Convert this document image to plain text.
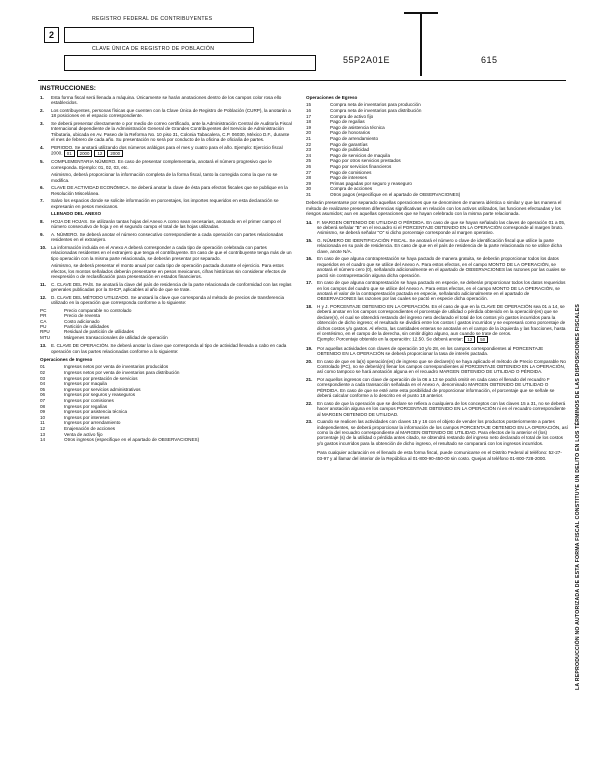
REGISTRO FEDERAL DE CONTRIBUYENTES
2
CLAVE ÚNICA DE REGISTRO DE POBLACIÓN
55P2A01E	615
INSTRUCCIONES:
1.	Esta forma fiscal será llenada a máquina. Únicamente se harán anotaciones dentro de los campos color rosa ello establecidos.
2.	Los contribuyentes, personas físicas que cuenten con la Clave Única de Registro de Población (CURP), la anotarán a 18 posiciones en el espacio correspondiente.
3.	Se deberá presentar directamente o por medio de correo certificado, ante la Administración Central de Auditoría Fiscal Internacional dependiente de la Administración General de Grandes Contribuyentes del Servicio de Administración Tributaria, ubicada en Av. Paseo de la Reforma No. 10 piso 31, Colonia Tabacalera, C.P. 06030, México D.F., durante el mes de febrero de cada año. Su presentación no será por conducto de la oficina de oficialía de partes.
4.	PERIODO. Se anotará utilizando dos números arábigos para el mes y cuatro para el año. Ejemplo: Ejercicio fiscal 2000. 01	2000	12	2000
5.	COMPLEMENTARIA NÚMERO. En caso de presentar complementaria, anotará el número progresivo que le corresponda. Ejemplo: 01, 02, 03, etc.
Asimismo, deberá proporcionar la información completa de la forma fiscal, tanto la corregida como la que no se modifica.
6.	CLAVE DE ACTIVIDAD ECONÓMICA. Se deberá anotar la clave de ésta para efectos fiscales que se publique en la Resolución Miscelánea.
7.	Salvo los espacios donde se solicite información en porcentajes, los importes requeridos en esta declaración se expresarán en pesos mexicanos.
LLENADO DEL ANEXO
8.	HOJA DE HOJAS. Se utilizarán tantas hojas del Anexo A como sean necesarias, anotando en el primer campo el número consecutivo de hoja y en el segundo campo el total de las hojas utilizadas.
9.	A. NÚMERO. Se deberá anotar el número consecutivo correspondiente a cada operación con partes relacionadas residentes en el extranjero.
10.	La información incluida en el Anexo A deberá corresponder a cada tipo de operación celebrada con partes relacionadas residentes en el extranjero que tenga el contribuyente. En caso de que el contribuyente tenga más de un tipo operación con la misma parte relacionada, se deberán presentar por separado.
Asimismo, se deberá presentar el monto anual por cada tipo de operación pactada durante el ejercicio. Para estos efectos, los montos señalados deberán presentarse en pesos mexicanos, cifras históricas sin considerar efectos de reexpresión o de reclasificación para presentación en estados financieros.
11.	C. CLAVE DEL PAÍS. Se anotará la clave del país de residencia de la parte relacionada de conformidad con las reglas generales publicadas por la SHCP, aplicables al año de que se trate.
12.	D. CLAVE DEL MÉTODO UTILIZADO. Se anotará la clave que corresponda al método de precios de transferencia utilizado en la operación que corresponda conforme a lo siguiente:
PC	Precio comparable no controlado
PR	Precio de reventa
CA	Costo adicionado
PU	Partición de utilidades
RPU	Residual de partición de utilidades
MTU	Márgenes transaccionales de utilidad de operación
13.	E. CLAVE DE OPERACIÓN. Se deberá anotar la clave que corresponda al tipo de actividad llevada a cabo en cada operación con las partes relacionadas conforme a lo siguiente:
Operaciones de Ingreso
01	Ingresos netos por venta de inventarios producidos
02	Ingresos netos por venta de inventarios para distribución
03	Ingresos por prestación de servicios
04	Ingresos por maquila
05	Ingresos por servicios administrativos
06	Ingresos por seguros y reaseguros
07	Ingresos por comisiones
08	Ingresos por regalías
09	Ingresos por asistencia técnica
10	Ingresos por intereses
11	Ingresos por arrendamiento
12	Enajenación de acciones
13	Venta de activo fijo
14	Otros ingresos (especifique en el apartado de OBSERVACIONES)
Operaciones de Egreso
15	Compra neta de inventarios para producción
16	Compra neta de inventarios para distribución
17	Compra de activo fijo
18	Pago de regalías
19	Pago de asistencia técnica
20	Pago de honorarios
21	Pago de arrendamiento
22	Pago de garantías
23	Pago de publicidad
24	Pago de servicios de maquila
25	Pago por otros servicios prestados
26	Pago por servicios financieros
27	Pago de comisiones
28	Pago de intereses
29	Primas pagadas por seguro y reaseguro
30	Compra de acciones
31	Otros pagos (especifique en el apartado de OBSERVACIONES)
Deberán presentarse por separado aquellas operaciones que se denominen de manera idéntica o similar y que las manera el método de realizarse presenten diferencias significativas en relación con los activos utilizados, las funciones efectuadas y los riesgos asumidos; aun en aquellas operaciones que se hayan celebrado con la misma parte relacionada.
14.	F. MARGEN OBTENIDO DE UTILIDAD O PÉRDIDA. En caso de que se hayan señalado las claves de operación 01 a 05, se deberá señalar "B" en el recuadro si el PORCENTAJE OBTENIDO EN LA OPERACIÓN corresponde al margen bruto. Asimismo, se deberá señalar "O" si dicho porcentaje corresponde al margen operativo.
15.	G. NÚMERO DE IDENTIFICACIÓN FISCAL. Se anotará el número o clave de identificación fiscal que utilice la parte relacionada en su país de residencia. En caso de que en el país de residencia de la parte relacionada no se utilice dicha clave, anote N/A.
16.	En caso de que alguna contraprestación se haya pactado de manera gratuita, se deberán proporcionar todos los datos requeridos en el cuadro que se utilice del Anexo A. Para estos efectos, en el campo MONTO DE LA OPERACIÓN, se anotará el número cero (0), señalando adicionalmente en el apartado de OBSERVACIONES las razones por las cuales se pactó sin contraprestación alguna dicha operación.
17.	En caso de que alguna contraprestación se haya pactado en especie, se deberán proporcionar todos los datos requeridos en los campos del cuadro que se utilice del Anexo A. Para estos efectos, en el campo MONTO DE LA OPERACIÓN, se anotará el valor de la contraprestación pactada en especie, señalando adicionalmente en el apartado de OBSERVACIONES las razones por las cuales se pactó en especie dicha operación.
18.	H y J. PORCENTAJE OBTENIDO EN LA OPERACIÓN. En el caso de que en la CLAVE DE OPERACIÓN sea 01 a 14, se deberá anotar en los campos correspondientes el porcentaje de utilidad o pérdida obtenido en la operación(es) que se declare(n), el cual se obtendrá restando del ingreso neto declarado el total de los costos y/o gastos incurridos para la obtención de dicho ingreso; el resultado se dividirá entre los costos / gastos incurridos y se expresará como porcentaje de dichos costos y/o gastos. Al efecto, las cantidades enteras se anotarán en el campo de la izquierda y las fracciones, hasta el centésimo, en el campo de la derecha, sin omitir dígito alguno, aun cuando se trate de ceros.
Ejemplo: Porcentaje obtenido en la operación: 12.50. Se deberá anotar: 12	50
19.	Por aquellas actividades con claves de operación 10 y/o 28, en los campos correspondientes al PORCENTAJE OBTENIDO EN LA OPERACIÓN se deberá proporcionar la tasa de interés pactada.
20.	En caso de que en la(s) operación(es) de ingreso que se declare(n) se haya aplicado el método de Precio Comparable No Controlado (PC), no se deberá(n) llenar los campos correspondientes al PORCENTAJE OBTENIDO EN LA OPERACIÓN, así como tampoco se hará anotación alguna en el recuadro MARGEN OBTENIDO DE UTILIDAD O PÉRDIDA.
21.	Por aquellos ingresos con clave de operación de la 06 a 13 se podrá omitir en cada caso el llenado del recuadro F correspondiente a cada transacción señalada en el Anexo A, denominado MARGEN OBTENIDO DE UTILIDAD O PÉRDIDA. En caso de que se esté ante esta posibilidad de proporcionar información, el porcentaje que se señale se deberá calcular conforme a lo descrito en el punto 18 anterior.
22.	En caso de que la operación que se declare se refiera a cualquiera de los conceptos con las claves 15 a 31, no se deberá hacer anotación alguna en los campos PORCENTAJE OBTENIDO EN LA OPERACIÓN ni en el recuadro correspondiente al MARGEN OBTENIDO DE UTILIDAD.
23.	Cuando se realicen las actividades con claves 15 y 16 con el objeto de vender los productos posteriormente a partes independientes, se deberá proporcionar la información de los campos PORCENTAJE OBTENIDO EN LA OPERACIÓN, así como la del recuadro correspondiente al MARGEN OBTENIDO DE UTILIDAD. Para efectos de lo anterior el (los) porcentaje (s) de la utilidad o pérdida antes citado, se obtendrá restando del ingreso neto declarado el total de los costos y/o gastos incurridos para la obtención de dicho ingreso, el resultado se comparará con los ingresos incurridos.
Para cualquier aclaración en el llenado de esta forma fiscal, puede comunicarse en el Distrito Federal al teléfono: 52-27-03-97 y al llamar del interior de la República al 01-800-90-450-00 sin costo. Quejas al teléfono 01-800-728-2000.	LA REPRODUCCIÓN NO AUTORIZADA DE ESTA FORMA FISCAL CONSTITUYE UN DELITO EN LOS TÉRMINOS DE LAS DISPOSICIONES FISCALES
